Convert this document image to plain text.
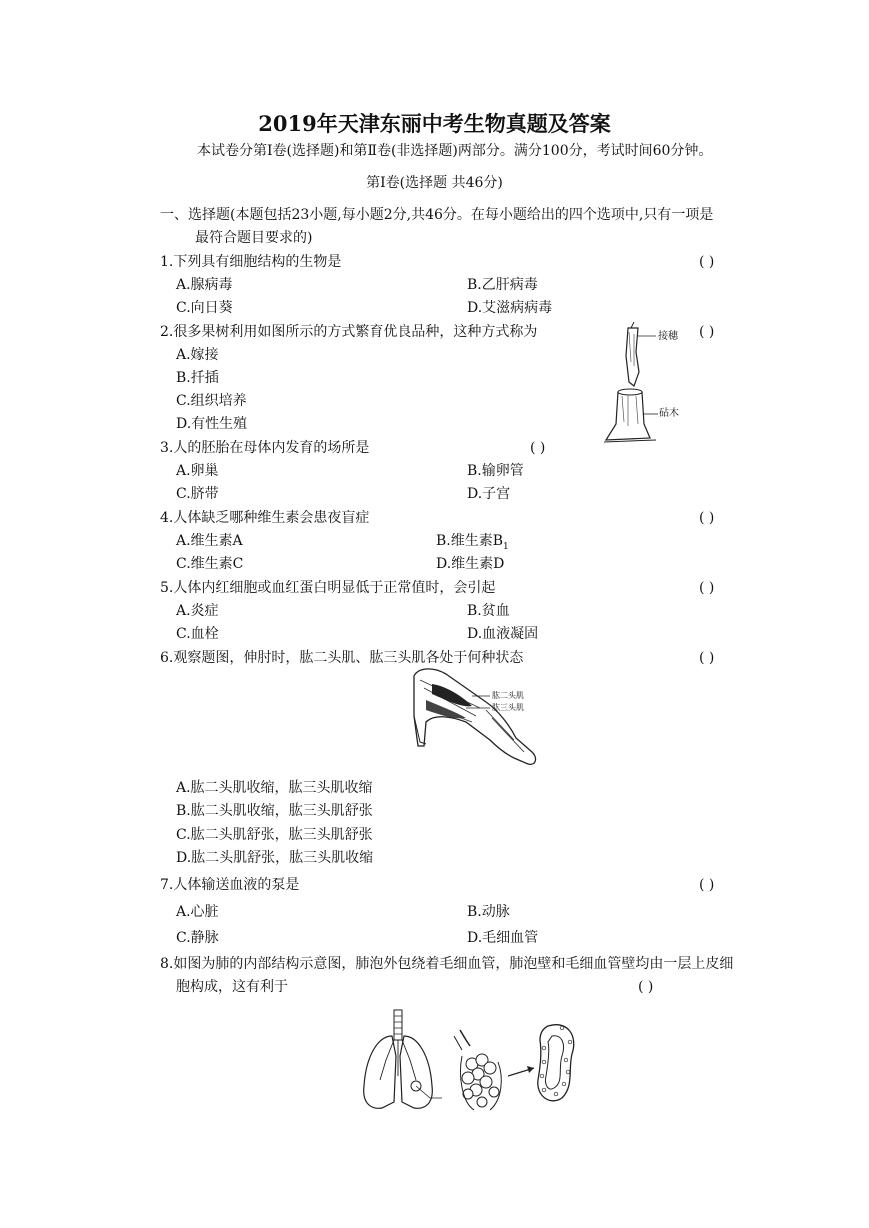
2019年天津东丽中考生物真题及答案
本试卷分第Ⅰ卷(选择题)和第Ⅱ卷(非选择题)两部分。满分100分，考试时间60分钟。
第Ⅰ卷(选择题 共46分)
一、选择题(本题包括23小题,每小题2分,共46分。在每小题给出的四个选项中,只有一项是
最符合题目要求的)
1.下列具有细胞结构的生物是	( )
A.腺病毒	B.乙肝病毒
C.向日葵	D.艾滋病病毒
2.很多果树利用如图所示的方式繁育优良品种，这种方式称为	( )
A.嫁接
B.扦插
C.组织培养
D.有性生殖
接穗
砧木
3.人的胚胎在母体内发育的场所是	( )
A.卵巢	B.输卵管
C.脐带	D.子宫
4.人体缺乏哪种维生素会患夜盲症	( )
A.维生素A	B.维生素$B_1$
C.维生素C	D.维生素D
5.人体内红细胞或血红蛋白明显低于正常值时，会引起	( )
A.炎症	B.贫血
C.血栓	D.血液凝固
6.观察题图，伸肘时，肱二头肌、肱三头肌各处于何种状态	( )
肱二头肌
肱三头肌
A.肱二头肌收缩，肱三头肌收缩
B.肱二头肌收缩，肱三头肌舒张
C.肱二头肌舒张，肱三头肌舒张
D.肱二头肌舒张，肱三头肌收缩
7.人体输送血液的泵是	( )
A.心脏	B.动脉
C.静脉	D.毛细血管
8.如图为肺的内部结构示意图，肺泡外包绕着毛细血管，肺泡壁和毛细血管壁均由一层上皮细
胞构成，这有利于	( )
